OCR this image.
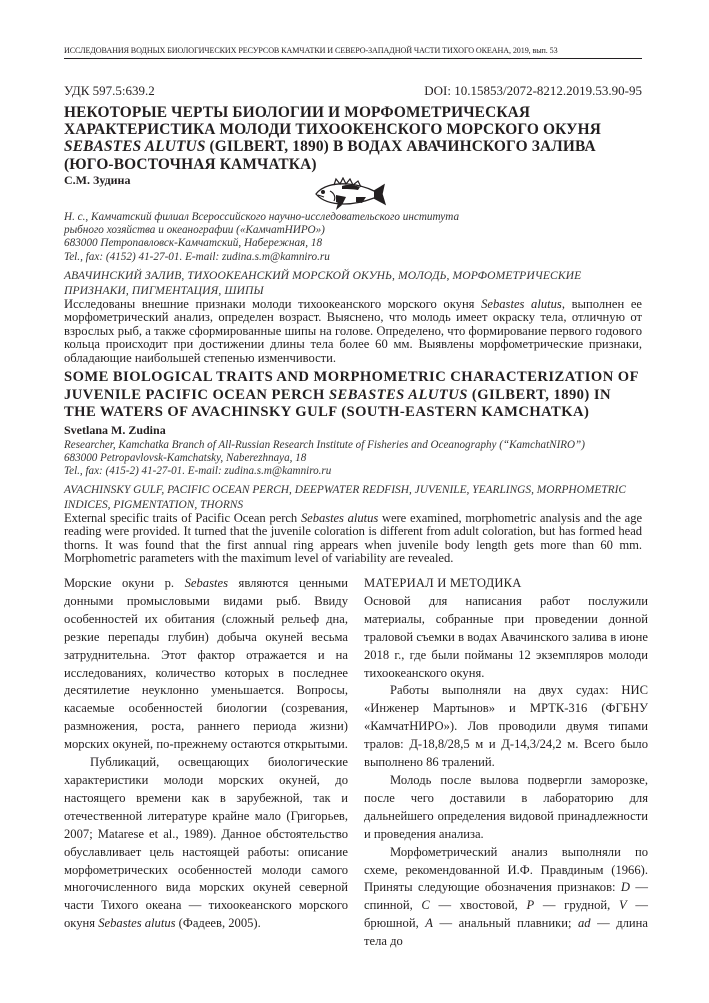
ИССЛЕДОВАНИЯ ВОДНЫХ БИОЛОГИЧЕСКИХ РЕСУРСОВ КАМЧАТКИ И СЕВЕРО-ЗАПАДНОЙ ЧАСТИ ТИХОГО ОКЕАНА, 2019, вып. 53
УДК 597.5:639.2	DOI: 10.15853/2072-8212.2019.53.90-95
НЕКОТОРЫЕ ЧЕРТЫ БИОЛОГИИ И МОРФОМЕТРИЧЕСКАЯ ХАРАКТЕРИСТИКА МОЛОДИ ТИХООКЕНСКОГО МОРСКОГО ОКУНЯ SEBASTES ALUTUS (GILBERT, 1890) В ВОДАХ АВАЧИНСКОГО ЗАЛИВА (ЮГО-ВОСТОЧНАЯ КАМЧАТКА)
С.М. Зудина
Н. с., Камчатский филиал Всероссийского научно-исследовательского института
рыбного хозяйства и океанографии («КамчатНИРО»)
683000 Петропавловск-Камчатский, Набережная, 18
Tel., fax: (4152) 41-27-01. E-mail: zudina.s.m@kamniro.ru
АВАЧИНСКИЙ ЗАЛИВ, ТИХООКЕАНСКИЙ МОРСКОЙ ОКУНЬ, МОЛОДЬ, МОРФОМЕТРИЧЕСКИЕ ПРИЗНАКИ, ПИГМЕНТАЦИЯ, ШИПЫ
Исследованы внешние признаки молоди тихоокеанского морского окуня Sebastes alutus, выполнен ее морфометрический анализ, определен возраст. Выяснено, что молодь имеет окраску тела, отличную от взрослых рыб, а также сформированные шипы на голове. Определено, что формирование первого годового кольца происходит при достижении длины тела более 60 мм. Выявлены морфометрические признаки, обладающие наибольшей степенью изменчивости.
SOME BIOLOGICAL TRAITS AND MORPHOMETRIC CHARACTERIZATION OF JUVENILE PACIFIC OCEAN PERCH SEBASTES ALUTUS (GILBERT, 1890) IN THE WATERS OF AVACHINSKY GULF (SOUTH-EASTERN KAMCHATKA)
Svetlana M. Zudina
Researcher, Kamchatka Branch of All-Russian Research Institute of Fisheries and Oceanography (“KamchatNIRO”)
683000 Petropavlovsk-Kamchatsky, Naberezhnaya, 18
Tel., fax: (415-2) 41-27-01. E-mail: zudina.s.m@kamniro.ru
AVACHINSKY GULF, PACIFIC OCEAN PERCH, DEEPWATER REDFISH, JUVENILE, YEARLINGS, MORPHOMETRIC INDICES, PIGMENTATION, THORNS
External specific traits of Pacific Ocean perch Sebastes alutus were examined, morphometric analysis and the age reading were provided. It turned that the juvenile coloration is different from adult coloration, but has formed head thorns. It was found that the first annual ring appears when juvenile body length gets more than 60 mm. Morphometric parameters with the maximum level of variability are revealed.

Морские окуни р. Sebastes являются ценными донными промысловыми видами рыб. Ввиду особенностей их обитания (сложный рельеф дна, резкие перепады глубин) добыча окуней весьма затруднительна. Этот фактор отражается и на исследованиях, количество которых в последнее десятилетие неуклонно уменьшается. Вопросы, касаемые особенностей биологии (созревания, размножения, роста, раннего периода жизни) морских окуней, по-прежнему остаются открытыми.

Публикаций, освещающих биологические характеристики молоди морских окуней, до настоящего времени как в зарубежной, так и отечественной литературе крайне мало (Григорьев, 2007; Matarese et al., 1989). Данное обстоятельство обуславливает цель настоящей работы: описание морфометрических особенностей молоди самого многочисленного вида морских окуней северной части Тихого океана — тихоокеанского морского окуня Sebastes alutus (Фадеев, 2005).

МАТЕРИАЛ И МЕТОДИКА

Основой для написания работ послужили материалы, собранные при проведении донной траловой съемки в водах Авачинского залива в июне 2018 г., где были пойманы 12 экземпляров молоди тихоокеанского окуня.

Работы выполняли на двух судах: НИС «Инженер Мартынов» и МРТК-316 (ФГБНУ «КамчатНИРО»). Лов проводили двумя типами тралов: Д-18,8/28,5 м и Д-14,3/24,2 м. Всего было выполнено 86 тралений.

Молодь после вылова подвергли заморозке, после чего доставили в лабораторию для дальнейшего определения видовой принадлежности и проведения анализа.

Морфометрический анализ выполняли по схеме, рекомендованной И.Ф. Правдиным (1966). Приняты следующие обозначения признаков: D — спинной, C — хвостовой, P — грудной, V — брюшной, A — анальный плавники; ad — длина тела до
